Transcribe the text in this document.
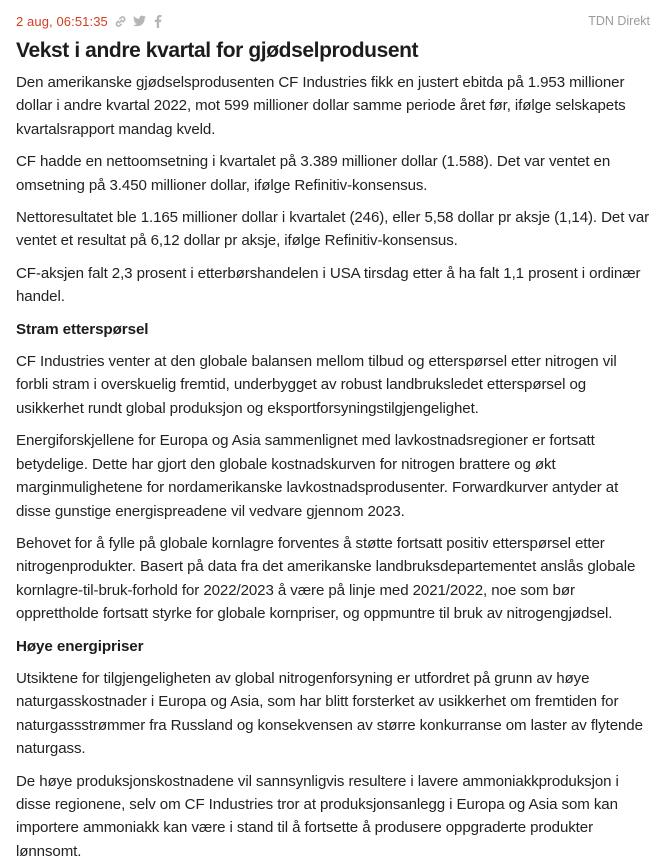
2 aug, 06:51:35	TDN Direkt
Vekst i andre kvartal for gjødselprodusent

Den amerikanske gjødselsprodusenten CF Industries fikk en justert ebitda på 1.953 millioner dollar i andre kvartal 2022, mot 599 millioner dollar samme periode året før, ifølge selskapets kvartalsrapport mandag kveld.

CF hadde en nettoomsetning i kvartalet på 3.389 millioner dollar (1.588). Det var ventet en omsetning på 3.450 millioner dollar, ifølge Refinitiv-konsensus.

Nettoresultatet ble 1.165 millioner dollar i kvartalet (246), eller 5,58 dollar pr aksje (1,14). Det var ventet et resultat på 6,12 dollar pr aksje, ifølge Refinitiv-konsensus.

CF-aksjen falt 2,3 prosent i etterbørshandelen i USA tirsdag etter å ha falt 1,1 prosent i ordinær handel.

Stram etterspørsel

CF Industries venter at den globale balansen mellom tilbud og etterspørsel etter nitrogen vil forbli stram i overskuelig fremtid, underbygget av robust landbruksledet etterspørsel og usikkerhet rundt global produksjon og eksportforsyningstilgjengelighet.

Energiforskjellene for Europa og Asia sammenlignet med lavkostnadsregioner er fortsatt betydelige. Dette har gjort den globale kostnadskurven for nitrogen brattere og økt marginmulighetene for nordamerikanske lavkostnadsprodusenter. Forwardkurver antyder at disse gunstige energispreadene vil vedvare gjennom 2023.

Behovet for å fylle på globale kornlagre forventes å støtte fortsatt positiv etterspørsel etter nitrogenprodukter. Basert på data fra det amerikanske landbruksdepartementet anslås globale kornlagre-til-bruk-forhold for 2022/2023 å være på linje med 2021/2022, noe som bør opprettholde fortsatt styrke for globale kornpriser, og oppmuntre til bruk av nitrogengjødsel.

Høye energipriser

Utsiktene for tilgjengeligheten av global nitrogenforsyning er utfordret på grunn av høye naturgasskostnader i Europa og Asia, som har blitt forsterket av usikkerhet om fremtiden for naturgassstrømmer fra Russland og konsekvensen av større konkurranse om laster av flytende naturgass.

De høye produksjonskostnadene vil sannsynligvis resultere i lavere ammoniakkproduksjon i disse regionene, selv om CF Industries tror at produksjonsanlegg i Europa og Asia som kan importere ammoniakk kan være i stand til å fortsette å produsere oppgraderte produkter lønnsomt.
